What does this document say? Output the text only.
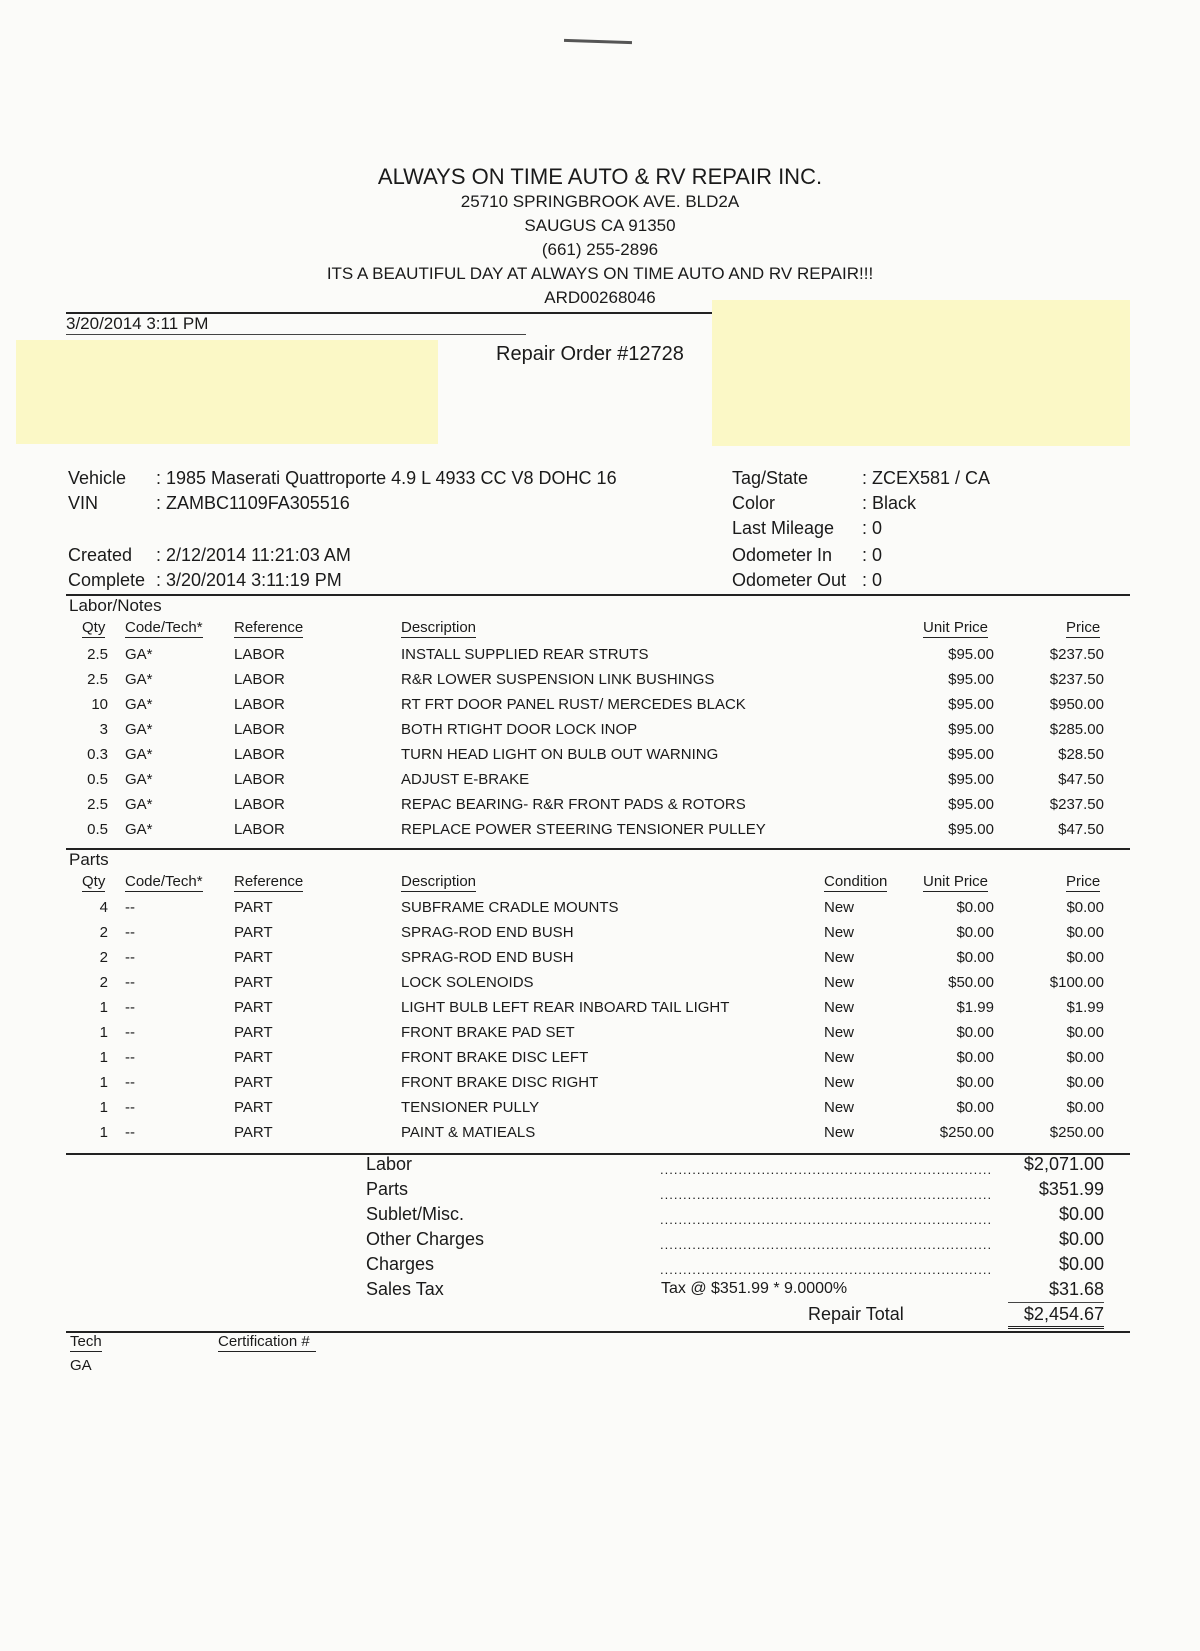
ALWAYS ON TIME AUTO & RV REPAIR INC.
25710 SPRINGBROOK AVE. BLD2A
SAUGUS CA 91350
(661) 255-2896
ITS A BEAUTIFUL DAY AT ALWAYS ON TIME AUTO AND RV REPAIR!!!
ARD00268046
3/20/2014 3:11 PM
Repair Order #12728
Vehicle : 1985 Maserati Quattroporte 4.9 L 4933 CC V8 DOHC 16
VIN	: ZAMBC1109FA305516
Created : 2/12/2014 11:21:03 AM
Complete : 3/20/2014 3:11:19 PM
Tag/State	: ZCEX581 / CA
Color	: Black
Last Mileage : 0
Odometer In : 0
Odometer Out : 0
Labor/Notes
Qty Code/Tech* Reference	Description	Unit Price	Price
2.5 GA*	LABOR	INSTALL SUPPLIED REAR STRUTS	$95.00	$237.50
2.5 GA*	LABOR	R&R LOWER SUSPENSION LINK BUSHINGS	$95.00	$237.50
10 GA*	LABOR	RT FRT DOOR PANEL RUST/ MERCEDES BLACK	$95.00	$950.00
3 GA*	LABOR	BOTH RTIGHT DOOR LOCK INOP	$95.00	$285.00
0.3 GA*	LABOR	TURN HEAD LIGHT ON BULB OUT WARNING	$95.00	$28.50
0.5 GA*	LABOR	ADJUST E-BRAKE	$95.00	$47.50
2.5 GA*	LABOR	REPAC BEARING- R&R FRONT PADS & ROTORS	$95.00	$237.50
0.5 GA*	LABOR	REPLACE POWER STEERING TENSIONER PULLEY	$95.00	$47.50
Parts
Qty Code/Tech* Reference	Description	Condition Unit Price	Price
4 --	PART	SUBFRAME CRADLE MOUNTS	New	$0.00	$0.00
2 --	PART	SPRAG-ROD END BUSH	New	$0.00	$0.00
2 --	PART	SPRAG-ROD END BUSH	New	$0.00	$0.00
2 --	PART	LOCK SOLENOIDS	New	$50.00	$100.00
1 --	PART	LIGHT BULB LEFT REAR INBOARD TAIL LIGHT	New	$1.99	$1.99
1 --	PART	FRONT BRAKE PAD SET	New	$0.00	$0.00
1 --	PART	FRONT BRAKE DISC LEFT	New	$0.00	$0.00
1 --	PART	FRONT BRAKE DISC RIGHT	New	$0.00	$0.00
1 --	PART	TENSIONER PULLY	New	$0.00	$0.00
1 --	PART	PAINT & MATIEALS	New	$250.00	$250.00
Labor	........................................................................	$2,071.00
Parts	........................................................................	$351.99
Sublet/Misc.	........................................................................	$0.00
Other Charges	........................................................................	$0.00
Charges	........................................................................	$0.00
Sales Tax	Tax @ $351.99 * 9.0000%	$31.68
Repair Total	$2,454.67
Tech	Certification #
GA
